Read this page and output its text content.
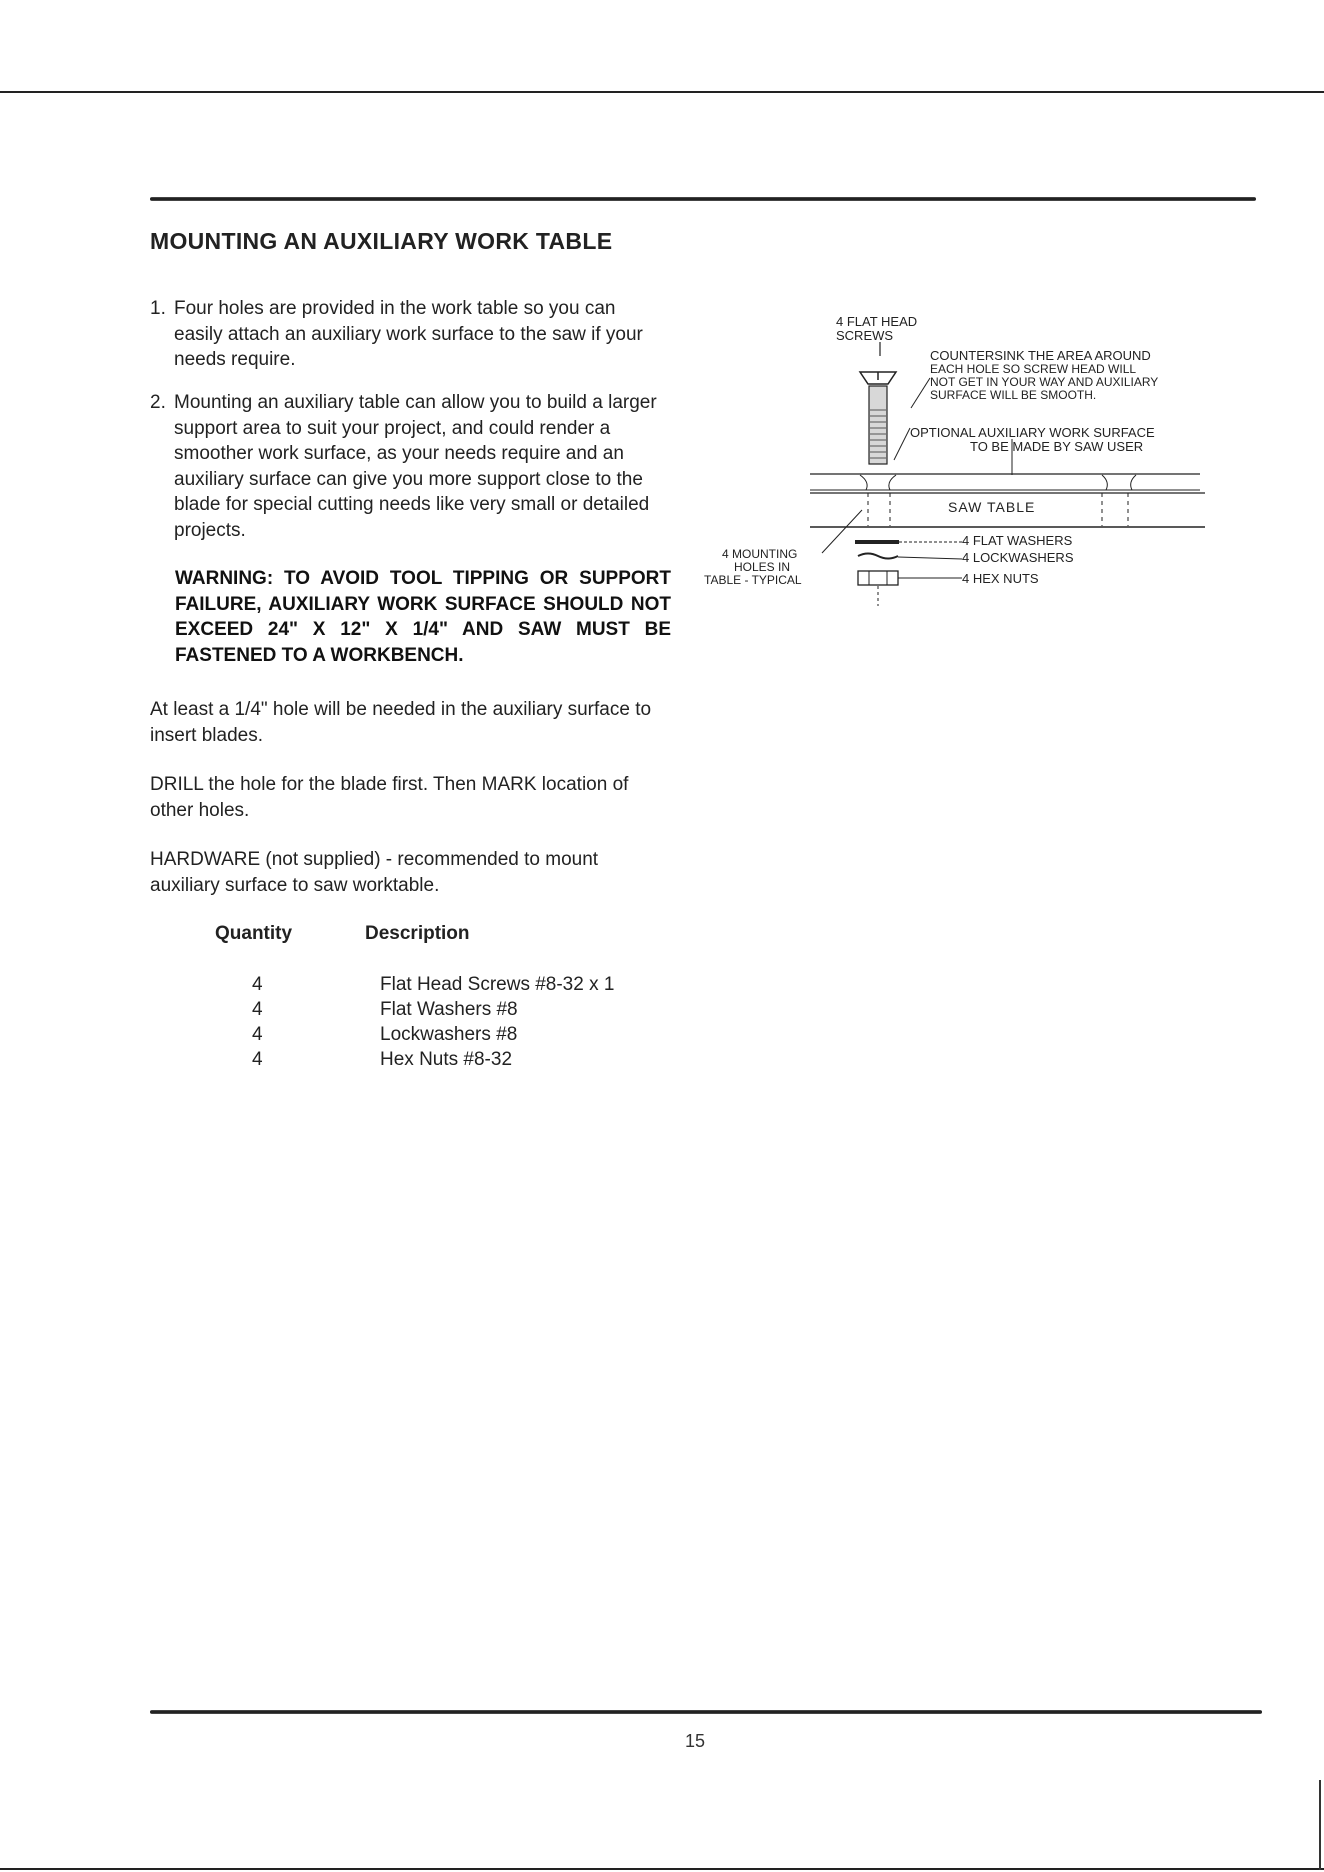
MOUNTING AN AUXILIARY WORK TABLE

1. Four holes are provided in the work table so you can easily attach an auxiliary work surface to the saw if your needs require.

2. Mounting an auxiliary table can allow you to build a larger support area to suit your project, and could render a smoother work surface, as your needs require and an auxiliary surface can give you more support close to the blade for special cutting needs like very small or detailed projects.

WARNING: TO AVOID TOOL TIPPING OR SUPPORT FAILURE, AUXILIARY WORK SURFACE SHOULD NOT EXCEED 24" X 12" X 1/4" AND SAW MUST BE FASTENED TO A WORKBENCH.

At least a 1/4" hole will be needed in the auxiliary surface to insert blades.

DRILL the hole for the blade first. Then MARK location of other holes.

HARDWARE (not supplied) - recommended to mount auxiliary surface to saw worktable.

Quantity	Description
4	Flat Head Screws #8-32 x 1
4	Flat Washers #8
4	Lockwashers #8
4	Hex Nuts #8-32
4 FLAT HEAD
SCREWS
COUNTERSINK THE AREA AROUND
EACH HOLE SO SCREW HEAD WILL
NOT GET IN YOUR WAY AND AUXILIARY
SURFACE WILL BE SMOOTH.
OPTIONAL AUXILIARY WORK SURFACE
TO BE MADE BY SAW USER
SAW TABLE
4 MOUNTING
HOLES IN
TABLE - TYPICAL
4 FLAT WASHERS
4 LOCKWASHERS
4 HEX NUTS
15
